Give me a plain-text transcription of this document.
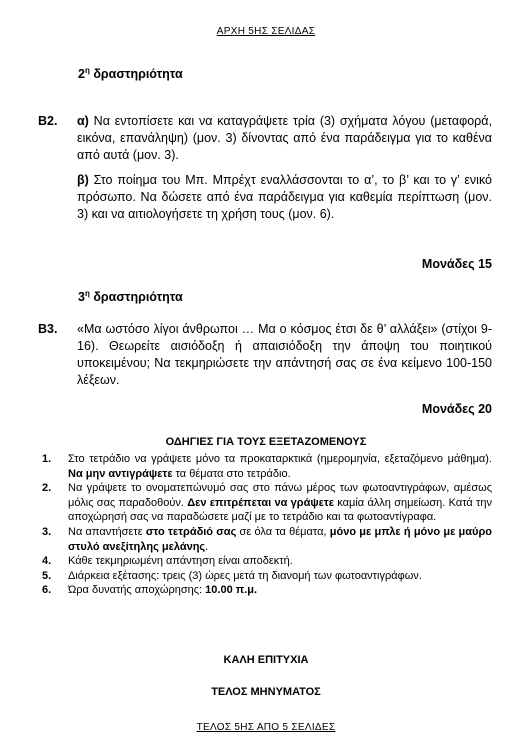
ΑΡΧΗ 5ΗΣ ΣΕΛΙΔΑΣ
$2^\eta$ δραστηριότητα
Β2. α) Να εντοπίσετε και να καταγράψετε τρία (3) σχήματα λόγου (μεταφορά, εικόνα, επανάληψη) (μον. 3) δίνοντας από ένα παράδειγμα για το καθένα από αυτά (μον. 3).

β) Στο ποίημα του Μπ. Μπρέχτ εναλλάσσονται το α’, το β’ και το γ’ ενικό πρόσωπο. Να δώσετε από ένα παράδειγμα για καθεμία περίπτωση (μον. 3) και να αιτιολογήσετε τη χρήση τους (μον. 6).

Μονάδες 15
$3^\eta$ δραστηριότητα
Β3. «Μα ωστόσο λίγοι άνθρωποι … Μα ο κόσμος έτσι δε θ’ αλλάξει» (στίχοι 9-16). Θεωρείτε αισιόδοξη ή απαισιόδοξη την άποψη του ποιητικού υποκειμένου; Να τεκμηριώσετε την απάντησή σας σε ένα κείμενο 100-150 λέξεων.

Μονάδες 20
ΟΔΗΓΙΕΣ ΓΙΑ ΤΟΥΣ ΕΞΕΤΑΖΟΜΕΝΟΥΣ
1. Στο τετράδιο να γράψετε μόνο τα προκαταρκτικά (ημερομηνία, εξεταζόμενο μάθημα). Να μην αντιγράψετε τα θέματα στο τετράδιο.
2. Να γράψετε το ονοματεπώνυμό σας στο πάνω μέρος των φωτοαντιγράφων, αμέσως μόλις σας παραδοθούν. Δεν επιτρέπεται να γράψετε καμία άλλη σημείωση. Κατά την αποχώρησή σας να παραδώσετε μαζί με το τετράδιο και τα φωτοαντίγραφα.
3. Να απαντήσετε στο τετράδιό σας σε όλα τα θέματα, μόνο με μπλε ή μόνο με μαύρο στυλό ανεξίτηλης μελάνης.
4. Κάθε τεκμηριωμένη απάντηση είναι αποδεκτή.
5. Διάρκεια εξέτασης: τρεις (3) ώρες μετά τη διανομή των φωτοαντιγράφων.
6. Ώρα δυνατής αποχώρησης: 10.00 π.μ.
ΚΑΛΗ ΕΠΙΤΥΧΙΑ
ΤΕΛΟΣ ΜΗΝΥΜΑΤΟΣ
ΤΕΛΟΣ 5ΗΣ ΑΠΟ 5 ΣΕΛΙΔΕΣ
